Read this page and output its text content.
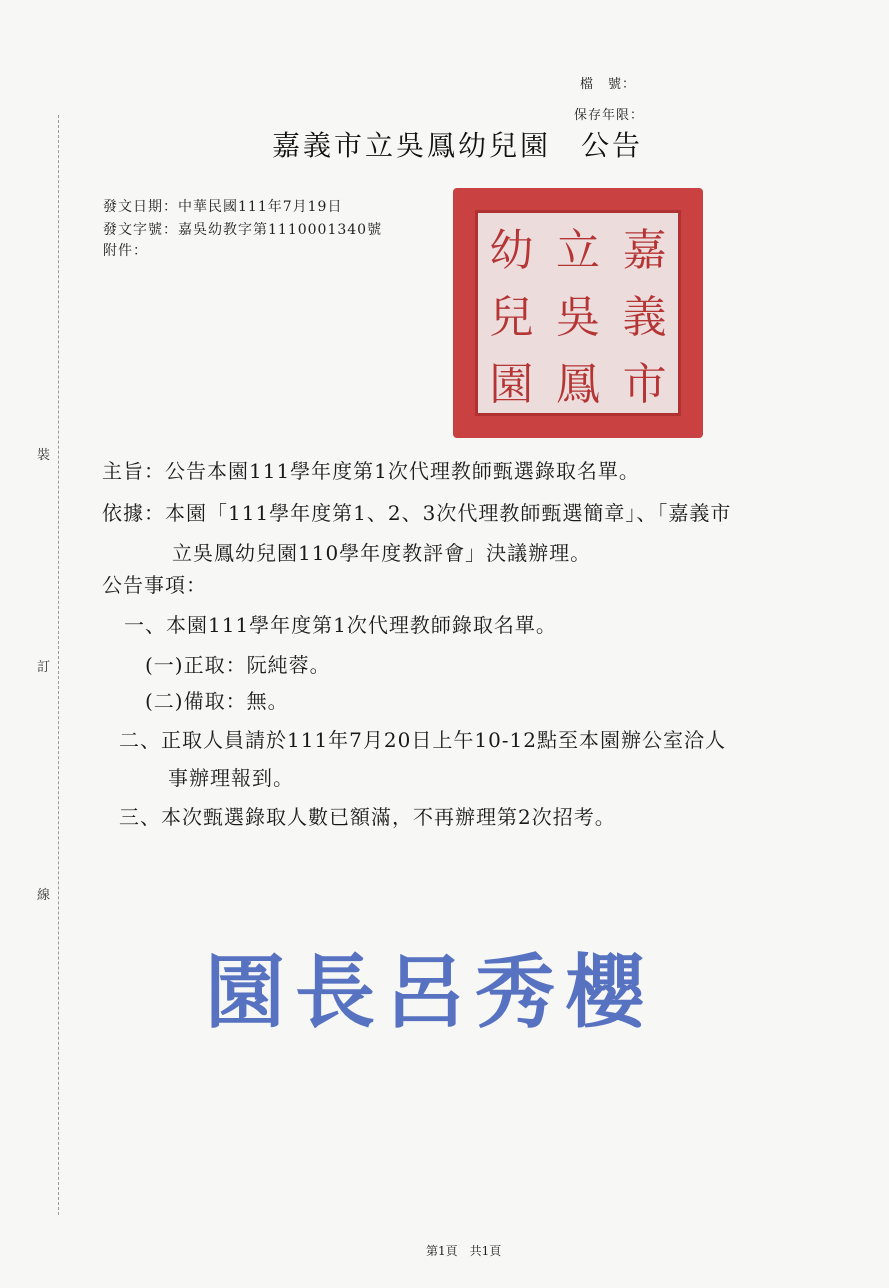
裝
訂
線
檔　號：
保存年限：
嘉義市立吳鳳幼兒園 公告
發文日期：中華民國111年7月19日
發文字號：嘉吳幼教字第1110001340號
附件：	嘉
立
幼
義
吳
兒
市
鳳
園
主旨：公告本園111學年度第1次代理教師甄選錄取名單。
依據：本園「111學年度第1、2、3次代理教師甄選簡章」、「嘉義市
立吳鳳幼兒園110學年度教評會」決議辦理。
公告事項：
一、本園111學年度第1次代理教師錄取名單。
(一)正取：阮純蓉。
(二)備取：無。
二、正取人員請於111年7月20日上午10-12點至本園辦公室洽人
事辦理報到。
三、本次甄選錄取人數已額滿，不再辦理第2次招考。
園 長 呂 秀 櫻
第1頁　共1頁
